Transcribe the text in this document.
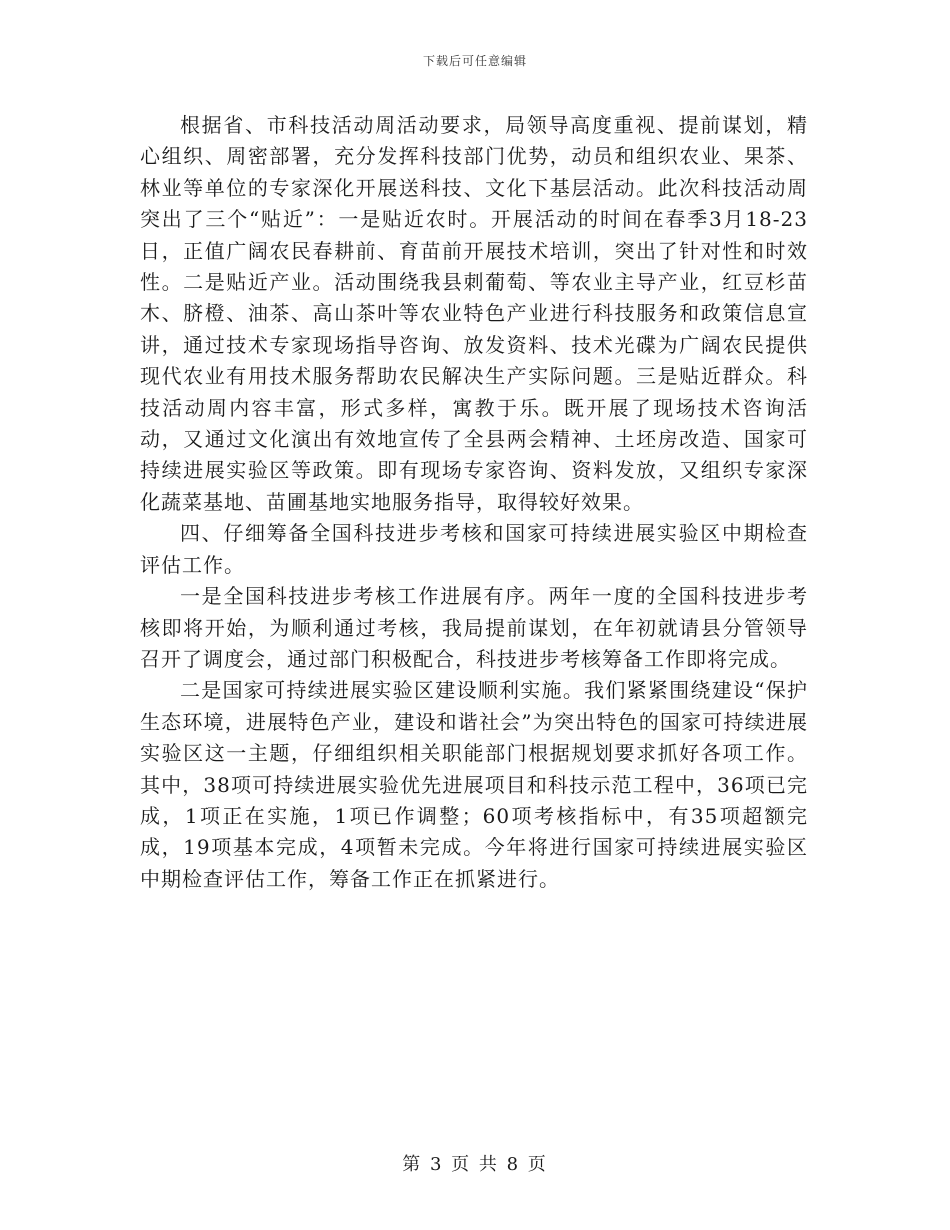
下载后可任意编辑

根据省、市科技活动周活动要求，局领导高度重视、提前谋划，精心组织、周密部署，充分发挥科技部门优势，动员和组织农业、果茶、林业等单位的专家深化开展送科技、文化下基层活动。此次科技活动周突出了三个“贴近”：一是贴近农时。开展活动的时间在春季3月18-23日，正值广阔农民春耕前、育苗前开展技术培训，突出了针对性和时效性。二是贴近产业。活动围绕我县刺葡萄、等农业主导产业，红豆杉苗木、脐橙、油茶、高山茶叶等农业特色产业进行科技服务和政策信息宣讲，通过技术专家现场指导咨询、放发资料、技术光碟为广阔农民提供现代农业有用技术服务帮助农民解决生产实际问题。三是贴近群众。科技活动周内容丰富，形式多样，寓教于乐。既开展了现场技术咨询活动，又通过文化演出有效地宣传了全县两会精神、土坯房改造、国家可持续进展实验区等政策。即有现场专家咨询、资料发放，又组织专家深化蔬菜基地、苗圃基地实地服务指导，取得较好效果。

四、仔细筹备全国科技进步考核和国家可持续进展实验区中期检查评估工作。

一是全国科技进步考核工作进展有序。两年一度的全国科技进步考核即将开始，为顺利通过考核，我局提前谋划，在年初就请县分管领导召开了调度会，通过部门积极配合，科技进步考核筹备工作即将完成。

二是国家可持续进展实验区建设顺利实施。我们紧紧围绕建设“保护生态环境，进展特色产业，建设和谐社会”为突出特色的国家可持续进展实验区这一主题，仔细组织相关职能部门根据规划要求抓好各项工作。其中，38项可持续进展实验优先进展项目和科技示范工程中，36项已完成，1项正在实施，1项已作调整；60项考核指标中，有35项超额完成，19项基本完成，4项暂未完成。今年将进行国家可持续进展实验区中期检查评估工作，筹备工作正在抓紧进行。

第 3 页 共 8 页
